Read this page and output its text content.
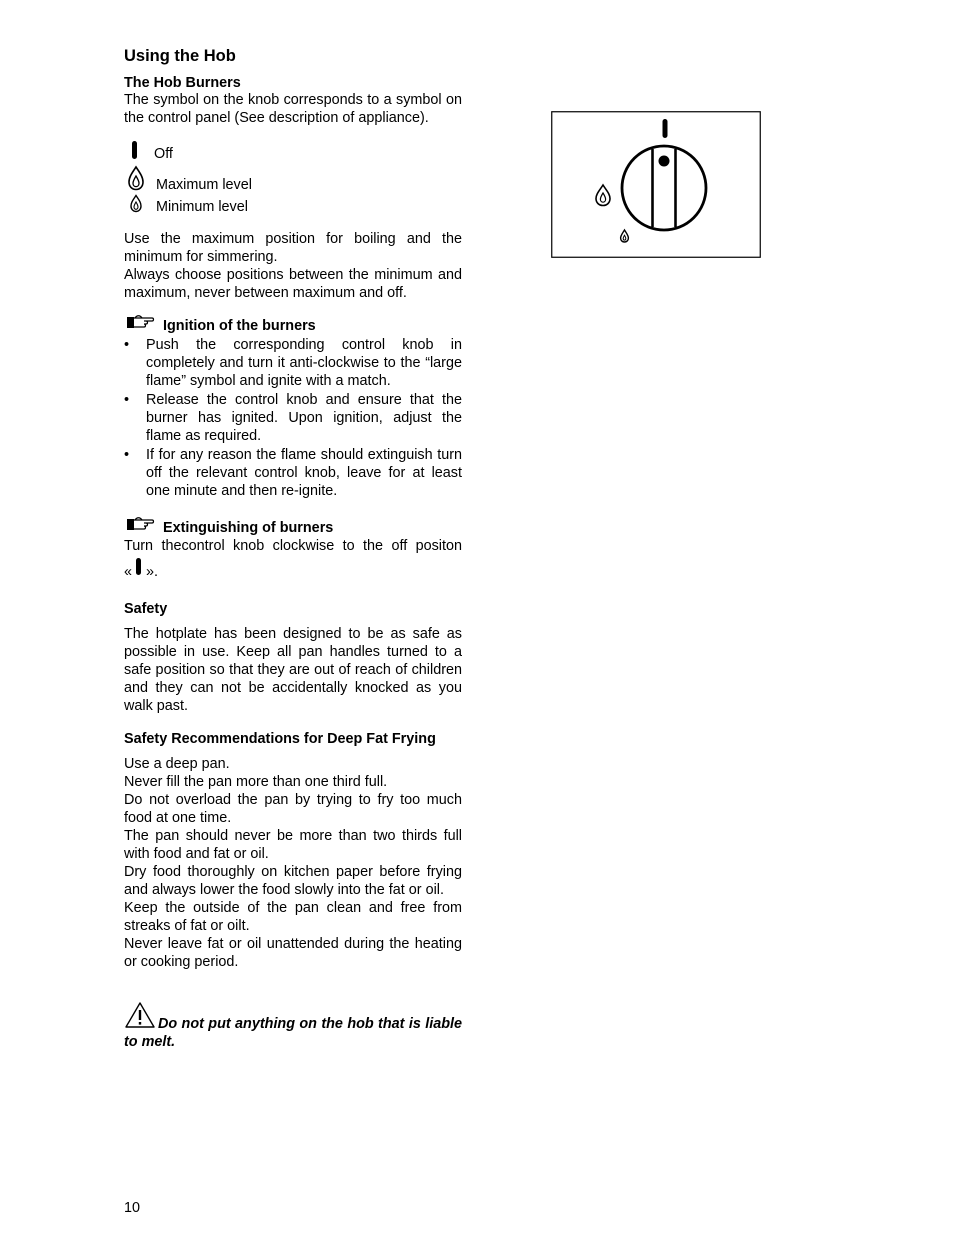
Using the Hob
The Hob Burners
The symbol on the knob corresponds to a symbol on the control panel (See description of appliance).
Off
Maximum level
Minimum level
Use the maximum position for boiling and the minimum for simmering.
Always choose positions between the minimum and maximum, never between maximum and off.
Ignition of the burners
• Push the corresponding control knob in completely and turn it anti-clockwise to the “large flame” symbol and ignite with a match.
• Release the control knob and ensure that the burner has ignited. Upon ignition, adjust the flame as required.
• If for any reason the flame should extinguish turn off the relevant control knob, leave for at least one minute and then re-ignite.
Extinguishing of burners
Turn thecontrol knob clockwise to the off positon
« ».
Safety
The hotplate has been designed to be as safe as possible in use. Keep all pan handles turned to a safe position so that they are out of reach of children and they can not be accidentally knocked as you walk past.
Safety Recommendations for Deep Fat Frying

Use a deep pan.

Never fill the pan more than one third full.

Do not overload the pan by trying to fry too much food at one time.

The pan should never be more than two thirds full with food and fat or oil.

Dry food thoroughly on kitchen paper before frying and always lower the food slowly into the fat or oil.

Keep the outside of the pan clean and free from streaks of fat or oilt.

Never leave fat or oil unattended during the heating or cooking period.

Do not put anything on the hob that is liable to melt.
10
